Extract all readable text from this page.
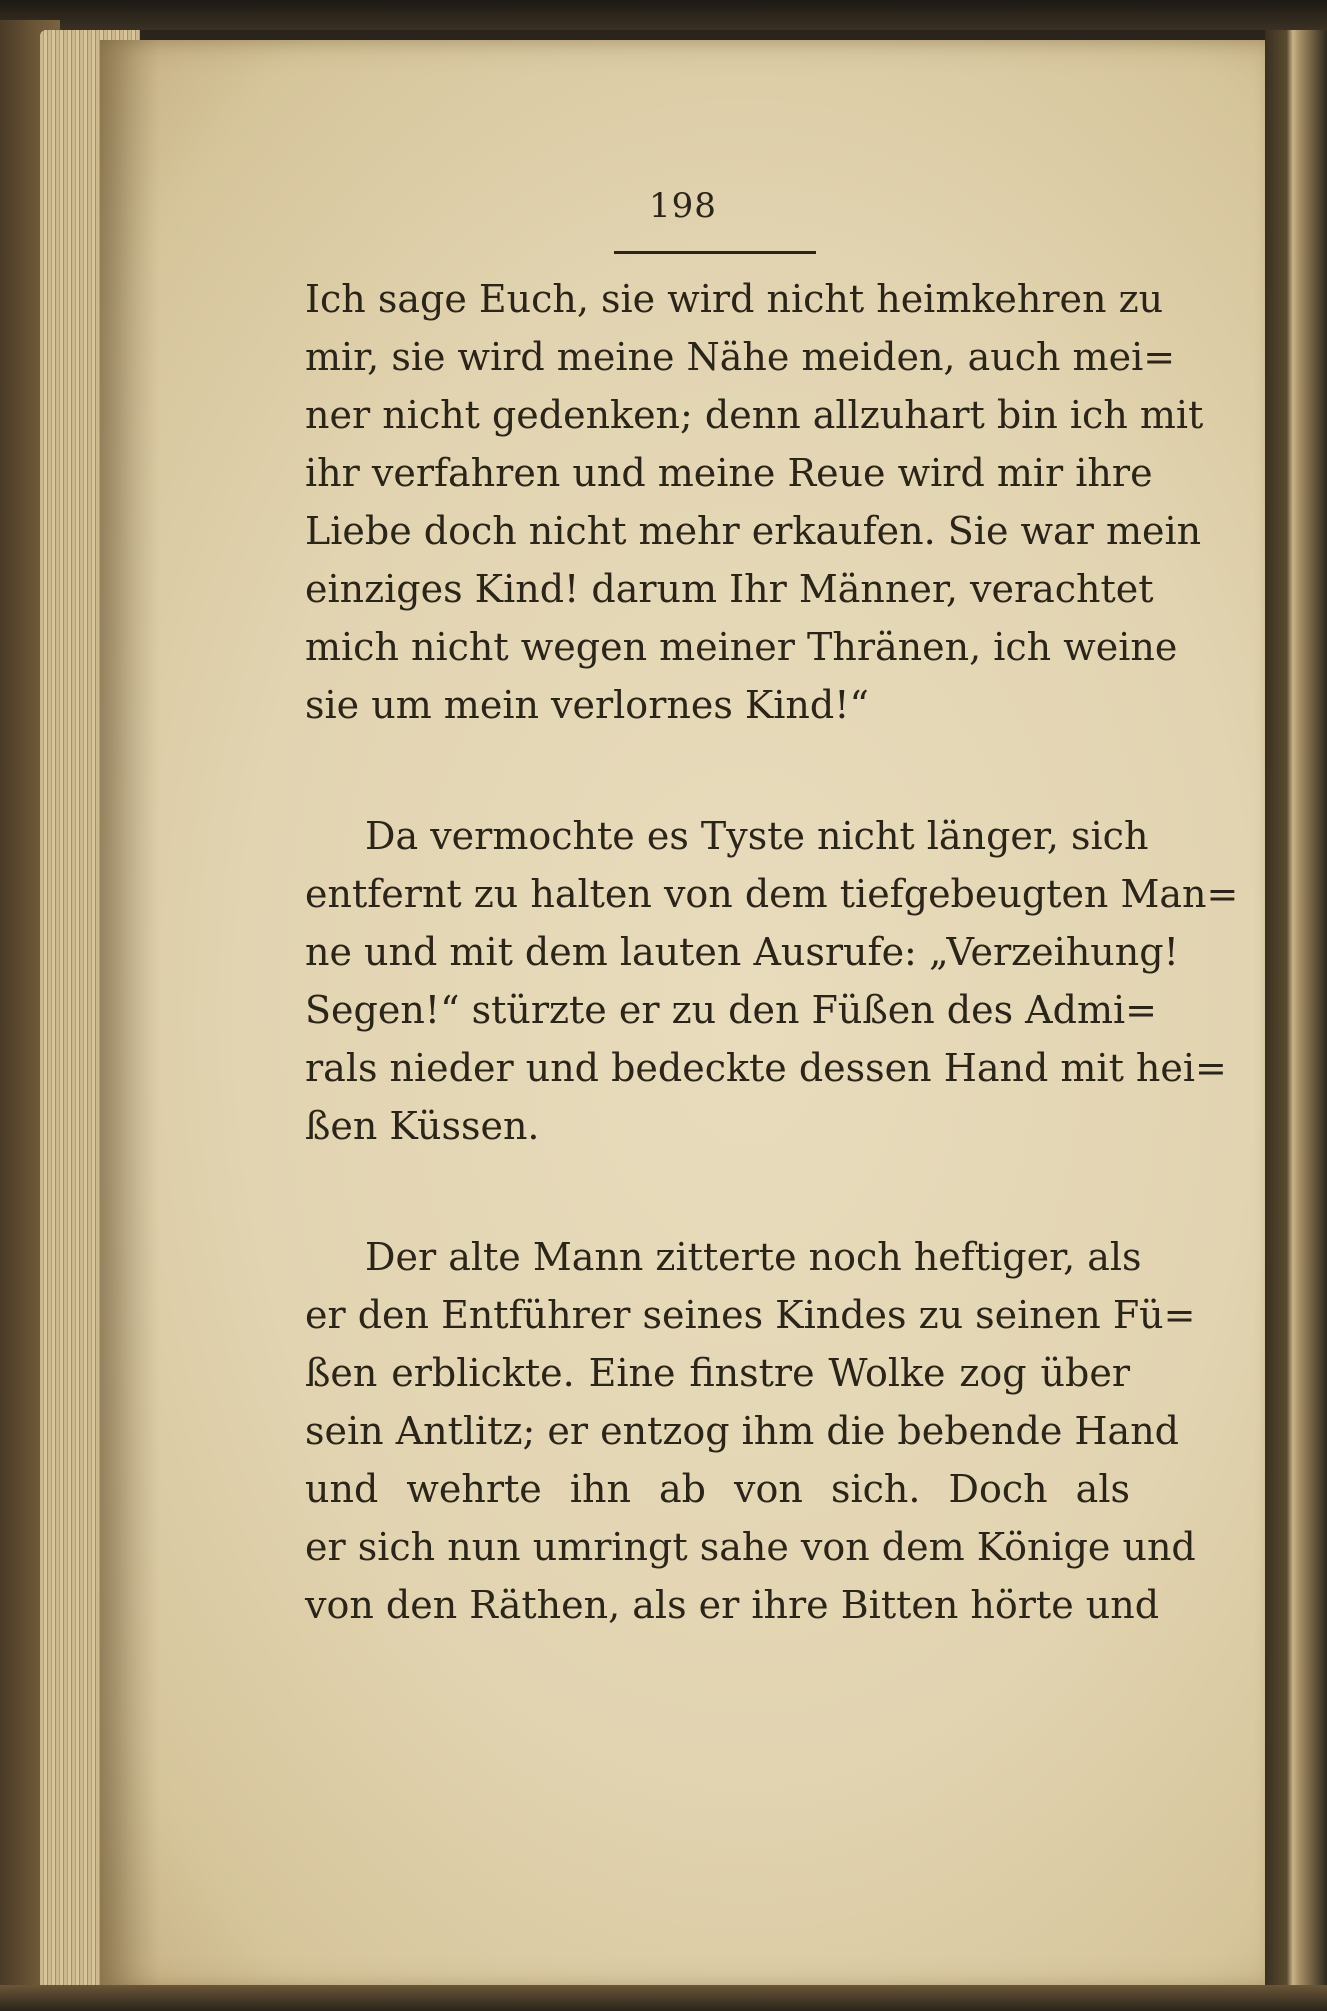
198
Ich sage Euch, sie wird nicht heimkehren zu
mir, sie wird meine Nähe meiden, auch mei=
ner nicht gedenken; denn allzuhart bin ich mit
ihr verfahren und meine Reue wird mir ihre
Liebe doch nicht mehr erkaufen. Sie war mein
einziges Kind! darum Ihr Männer, verachtet
mich nicht wegen meiner Thränen, ich weine
sie um mein verlornes Kind!“
Da vermochte es Tyste nicht länger, sich
entfernt zu halten von dem tiefgebeugten Man=
ne und mit dem lauten Ausrufe: „Verzeihung!
Segen!“ stürzte er zu den Füßen des Admi=
rals nieder und bedeckte dessen Hand mit hei=
ßen Küssen.
Der alte Mann zitterte noch heftiger, als
er den Entführer seines Kindes zu seinen Fü=
ßen erblickte. Eine finstre Wolke zog über
sein Antlitz; er entzog ihm die bebende Hand
und wehrte ihn ab von sich. Doch als
er sich nun umringt sahe von dem Könige und
von den Räthen, als er ihre Bitten hörte und
